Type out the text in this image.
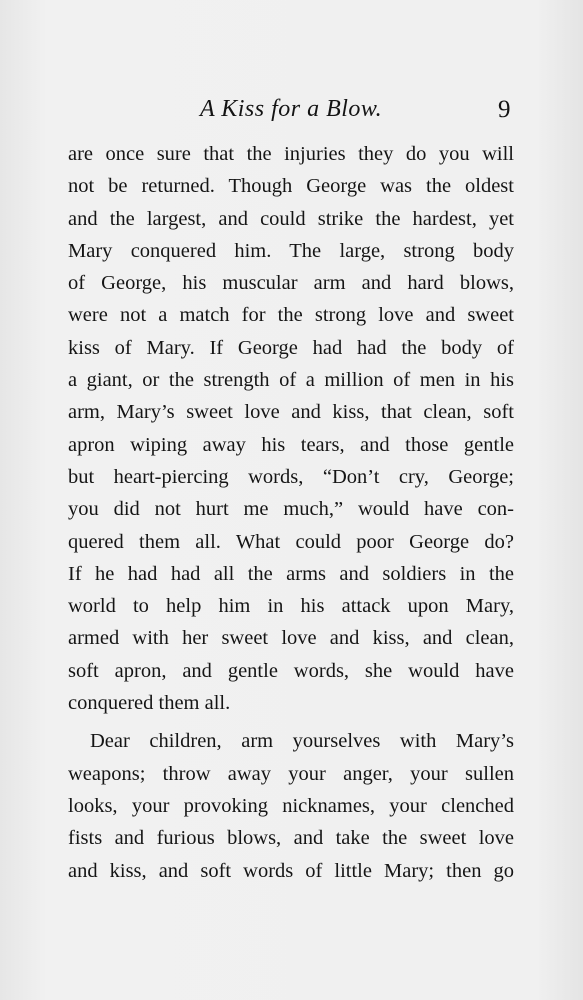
A Kiss for a Blow.	9
are once sure that the injuries they do you will
not be returned. Though George was the oldest
and the largest, and could strike the hardest, yet
Mary conquered him. The large, strong body
of George, his muscular arm and hard blows,
were not a match for the strong love and sweet
kiss of Mary. If George had had the body of
a giant, or the strength of a million of men in his
arm, Mary’s sweet love and kiss, that clean, soft
apron wiping away his tears, and those gentle
but heart-piercing words, “Don’t cry, George;
you did not hurt me much,” would have con-
quered them all. What could poor George do?
If he had had all the arms and soldiers in the
world to help him in his attack upon Mary,
armed with her sweet love and kiss, and clean,
soft apron, and gentle words, she would have
conquered them all.
Dear children, arm yourselves with Mary’s
weapons; throw away your anger, your sullen
looks, your provoking nicknames, your clenched
fists and furious blows, and take the sweet love
and kiss, and soft words of little Mary; then go
